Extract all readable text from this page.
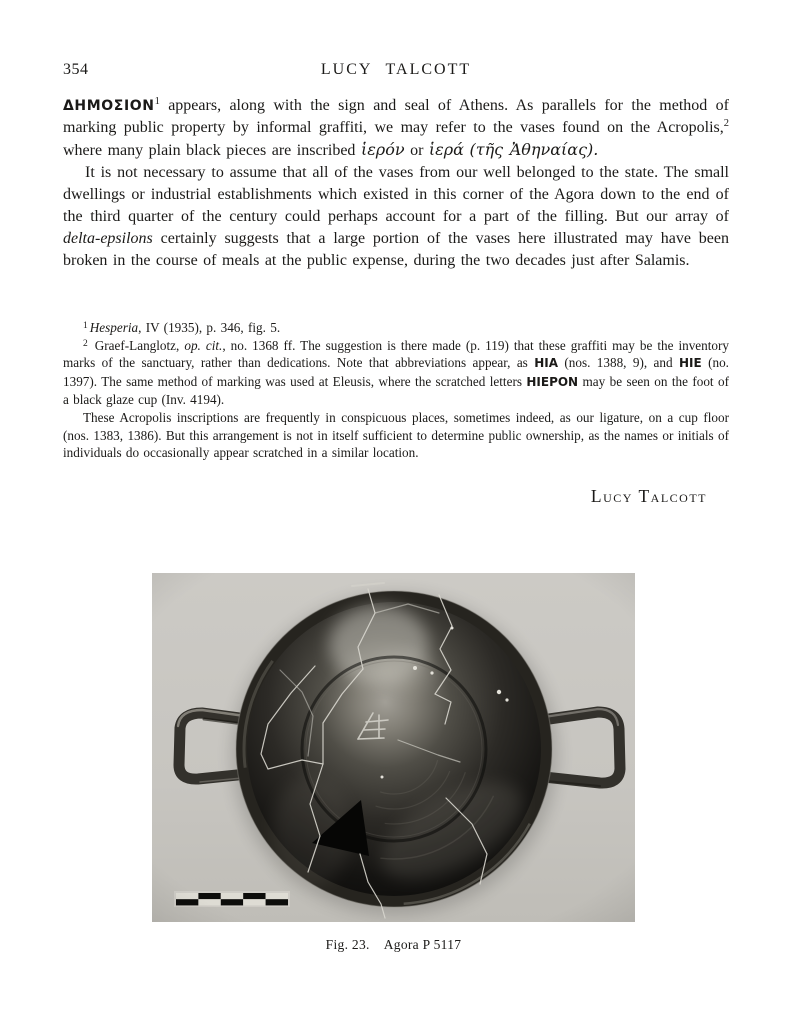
354	LUCY TALCOTT

ΔΗΜΟΣΙΟΝ$^1$ appears, along with the sign and seal of Athens. As parallels for the method of marking public property by informal graffiti, we may refer to the vases found on the Acropolis,$^2$ where many plain black pieces are inscribed ἱερόν or ἱερά (τῆς Ἀθηναίας).

It is not necessary to assume that all of the vases from our well belonged to the state. The small dwellings or industrial establishments which existed in this corner of the Agora down to the end of the third quarter of the century could perhaps account for a part of the filling. But our array of delta-epsilons certainly suggests that a large portion of the vases here illustrated may have been broken in the course of meals at the public expense, during the two decades just after Salamis.

$^1$ Hesperia, IV (1935), p. 346, fig. 5.

$^2$ Graef-Langlotz, op. cit., no. 1368 ff. The suggestion is there made (p. 119) that these graffiti may be the inventory marks of the sanctuary, rather than dedications. Note that abbreviations appear, as HIA (nos. 1388, 9), and HIE (no. 1397). The same method of marking was used at Eleusis, where the scratched letters HIEPON may be seen on the foot of a black glaze cup (Inv. 4194).

These Acropolis inscriptions are frequently in conspicuous places, sometimes indeed, as our ligature, on a cup floor (nos. 1383, 1386). But this arrangement is not in itself sufficient to determine public ownership, as the names or initials of individuals do occasionally appear scratched in a similar location.

Lucy Talcott
Fig. 23. Agora P 5117
